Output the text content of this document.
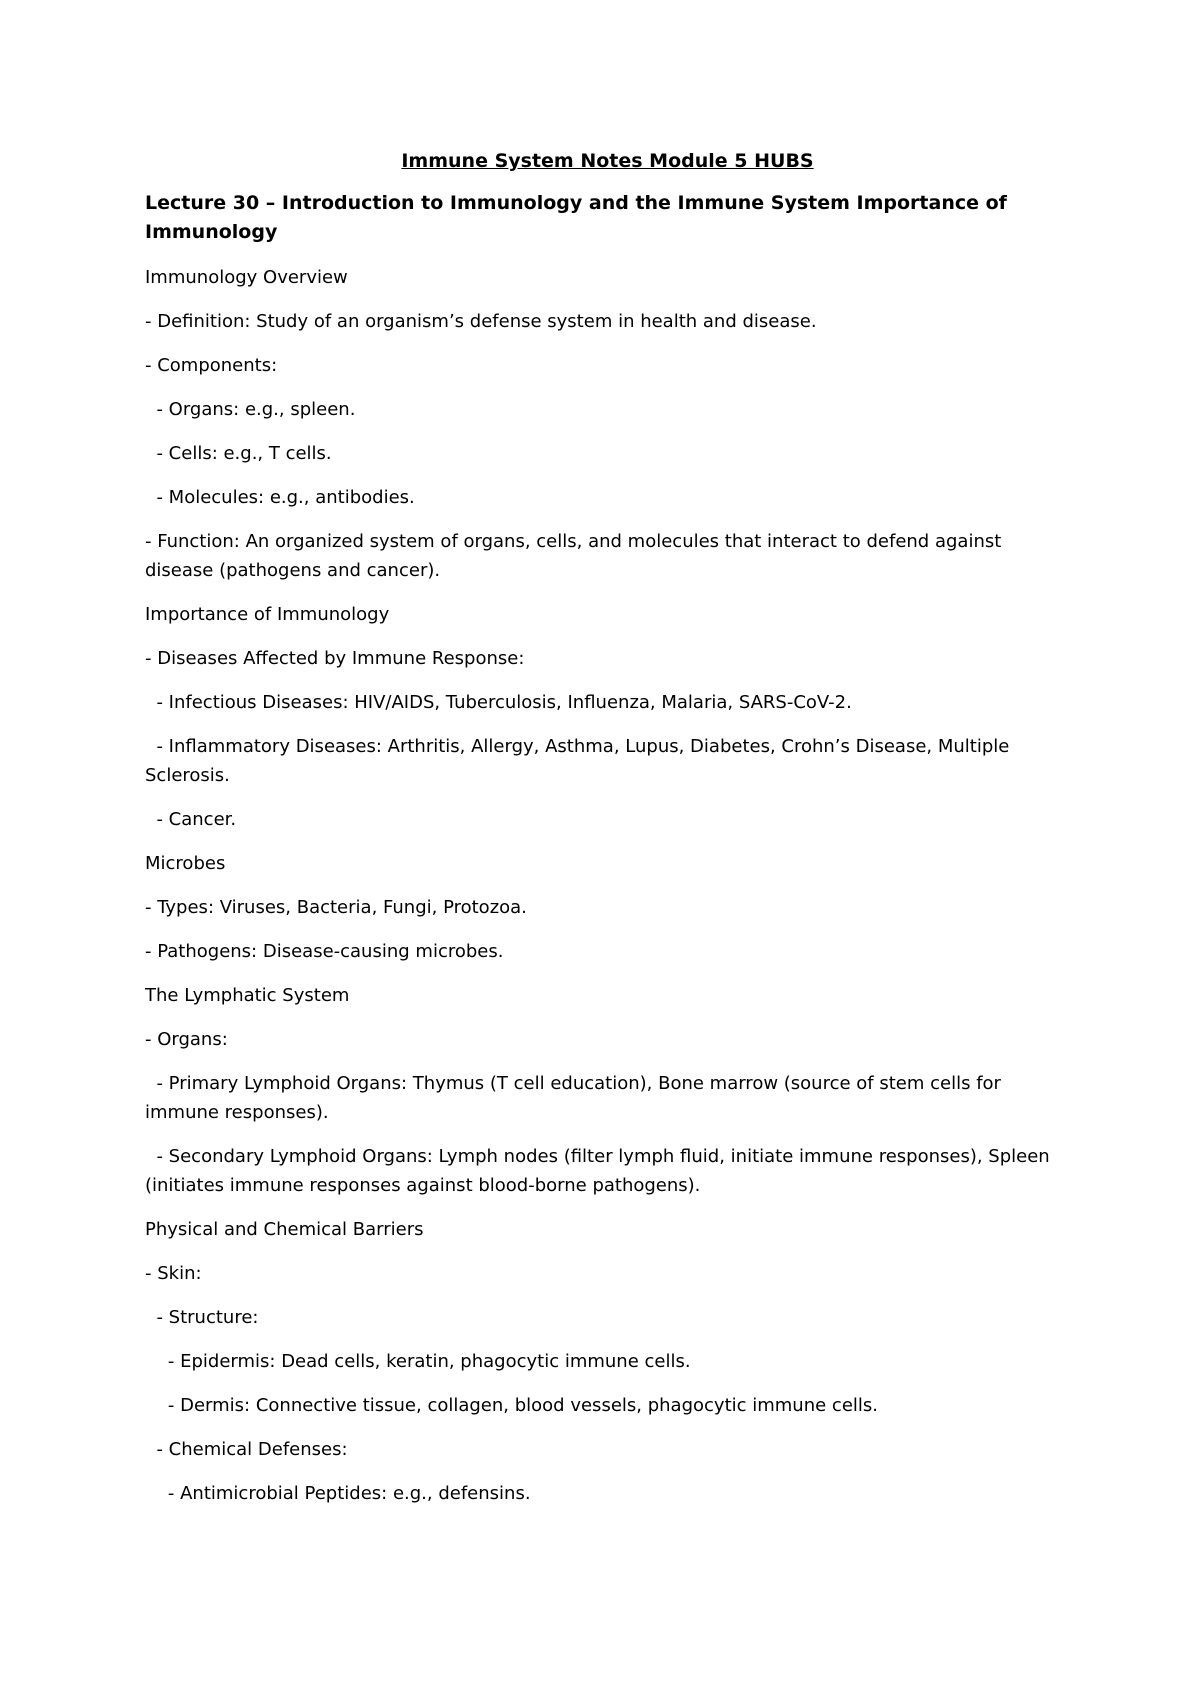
Immune System Notes Module 5 HUBS
Lecture 30 – Introduction to Immunology and the Immune System Importance of Immunology
Immunology Overview
- Definition: Study of an organism’s defense system in health and disease.
- Components:
- Organs: e.g., spleen.
- Cells: e.g., T cells.
- Molecules: e.g., antibodies.
- Function: An organized system of organs, cells, and molecules that interact to defend against disease (pathogens and cancer).
Importance of Immunology
- Diseases Affected by Immune Response:
- Infectious Diseases: HIV/AIDS, Tuberculosis, Influenza, Malaria, SARS-CoV-2.
- Inflammatory Diseases: Arthritis, Allergy, Asthma, Lupus, Diabetes, Crohn’s Disease, Multiple Sclerosis.
- Cancer.
Microbes
- Types: Viruses, Bacteria, Fungi, Protozoa.
- Pathogens: Disease-causing microbes.
The Lymphatic System
- Organs:
- Primary Lymphoid Organs: Thymus (T cell education), Bone marrow (source of stem cells for immune responses).
- Secondary Lymphoid Organs: Lymph nodes (filter lymph fluid, initiate immune responses), Spleen (initiates immune responses against blood-borne pathogens).
Physical and Chemical Barriers
- Skin:
- Structure:
- Epidermis: Dead cells, keratin, phagocytic immune cells.
- Dermis: Connective tissue, collagen, blood vessels, phagocytic immune cells.
- Chemical Defenses:
- Antimicrobial Peptides: e.g., defensins.
